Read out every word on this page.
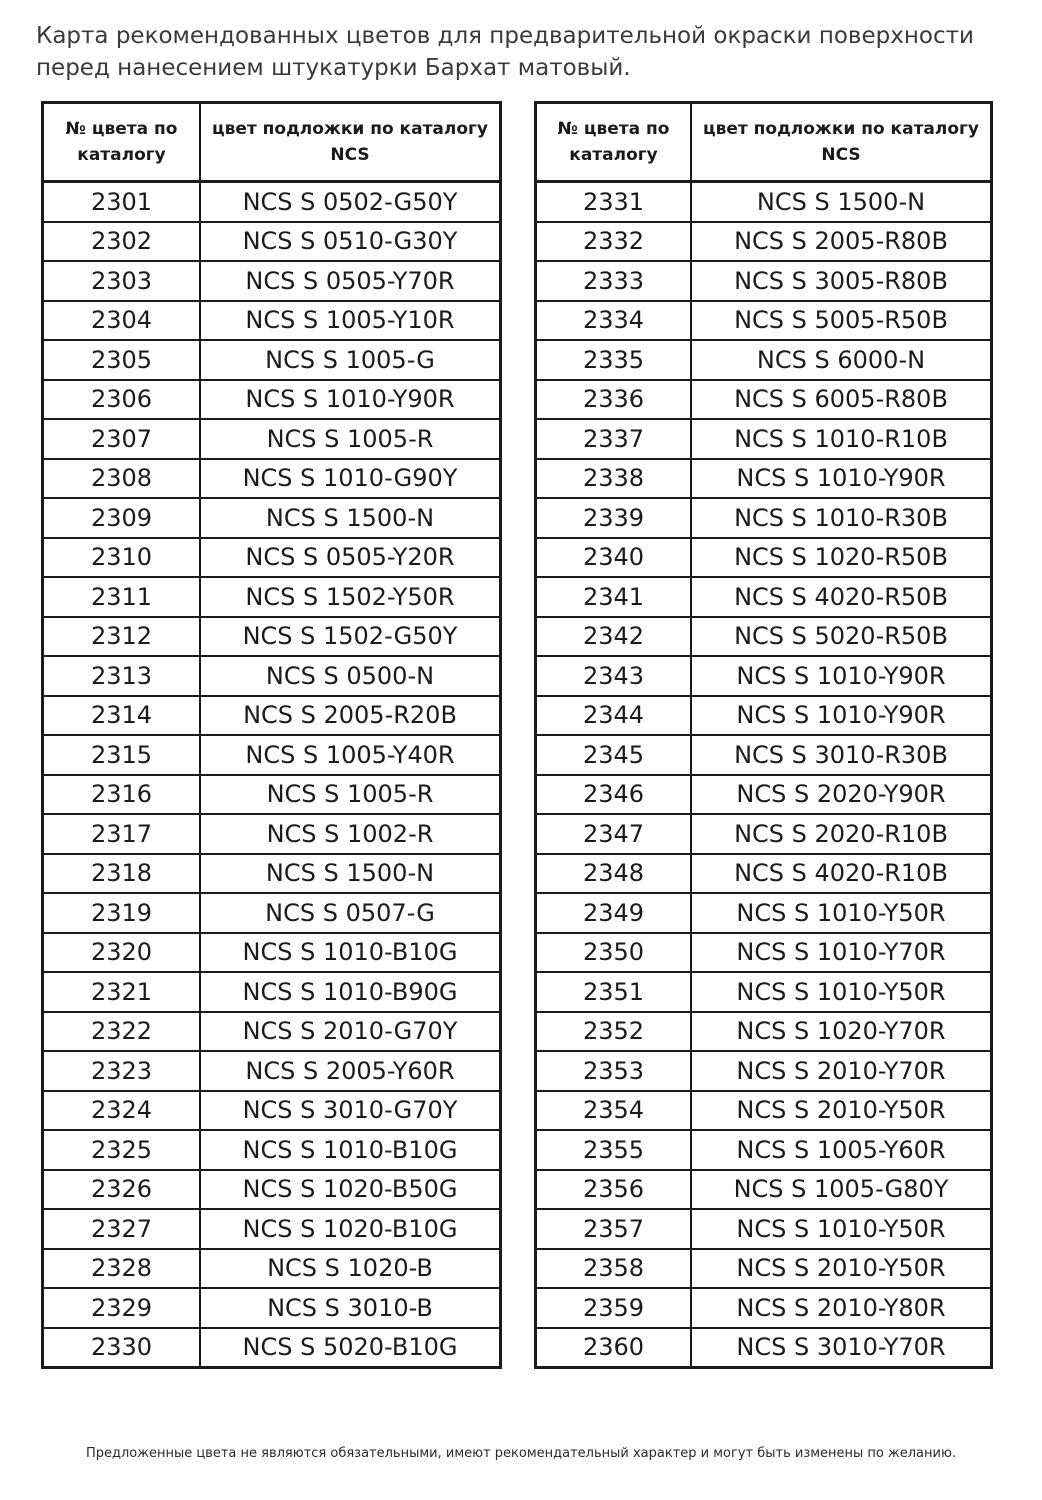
Карта рекомендованных цветов для предварительной окраски поверхности перед нанесением штукатурки Бархат матовый.
№ цвета по каталогу	цвет подложки по каталогу NCS
2301	NCS S 0502-G50Y
2302	NCS S 0510-G30Y
2303	NCS S 0505-Y70R
2304	NCS S 1005-Y10R
2305	NCS S 1005-G
2306	NCS S 1010-Y90R
2307	NCS S 1005-R
2308	NCS S 1010-G90Y
2309	NCS S 1500-N
2310	NCS S 0505-Y20R
2311	NCS S 1502-Y50R
2312	NCS S 1502-G50Y
2313	NCS S 0500-N
2314	NCS S 2005-R20B
2315	NCS S 1005-Y40R
2316	NCS S 1005-R
2317	NCS S 1002-R
2318	NCS S 1500-N
2319	NCS S 0507-G
2320	NCS S 1010-B10G
2321	NCS S 1010-B90G
2322	NCS S 2010-G70Y
2323	NCS S 2005-Y60R
2324	NCS S 3010-G70Y
2325	NCS S 1010-B10G
2326	NCS S 1020-B50G
2327	NCS S 1020-B10G
2328	NCS S 1020-B
2329	NCS S 3010-B
2330	NCS S 5020-B10G
№ цвета по каталогу	цвет подложки по каталогу NCS
2331	NCS S 1500-N
2332	NCS S 2005-R80B
2333	NCS S 3005-R80B
2334	NCS S 5005-R50B
2335	NCS S 6000-N
2336	NCS S 6005-R80B
2337	NCS S 1010-R10B
2338	NCS S 1010-Y90R
2339	NCS S 1010-R30B
2340	NCS S 1020-R50B
2341	NCS S 4020-R50B
2342	NCS S 5020-R50B
2343	NCS S 1010-Y90R
2344	NCS S 1010-Y90R
2345	NCS S 3010-R30B
2346	NCS S 2020-Y90R
2347	NCS S 2020-R10B
2348	NCS S 4020-R10B
2349	NCS S 1010-Y50R
2350	NCS S 1010-Y70R
2351	NCS S 1010-Y50R
2352	NCS S 1020-Y70R
2353	NCS S 2010-Y70R
2354	NCS S 2010-Y50R
2355	NCS S 1005-Y60R
2356	NCS S 1005-G80Y
2357	NCS S 1010-Y50R
2358	NCS S 2010-Y50R
2359	NCS S 2010-Y80R
2360	NCS S 3010-Y70R

Предложенные цвета не являются обязательными, имеют рекомендательный характер и могут быть изменены по желанию.
